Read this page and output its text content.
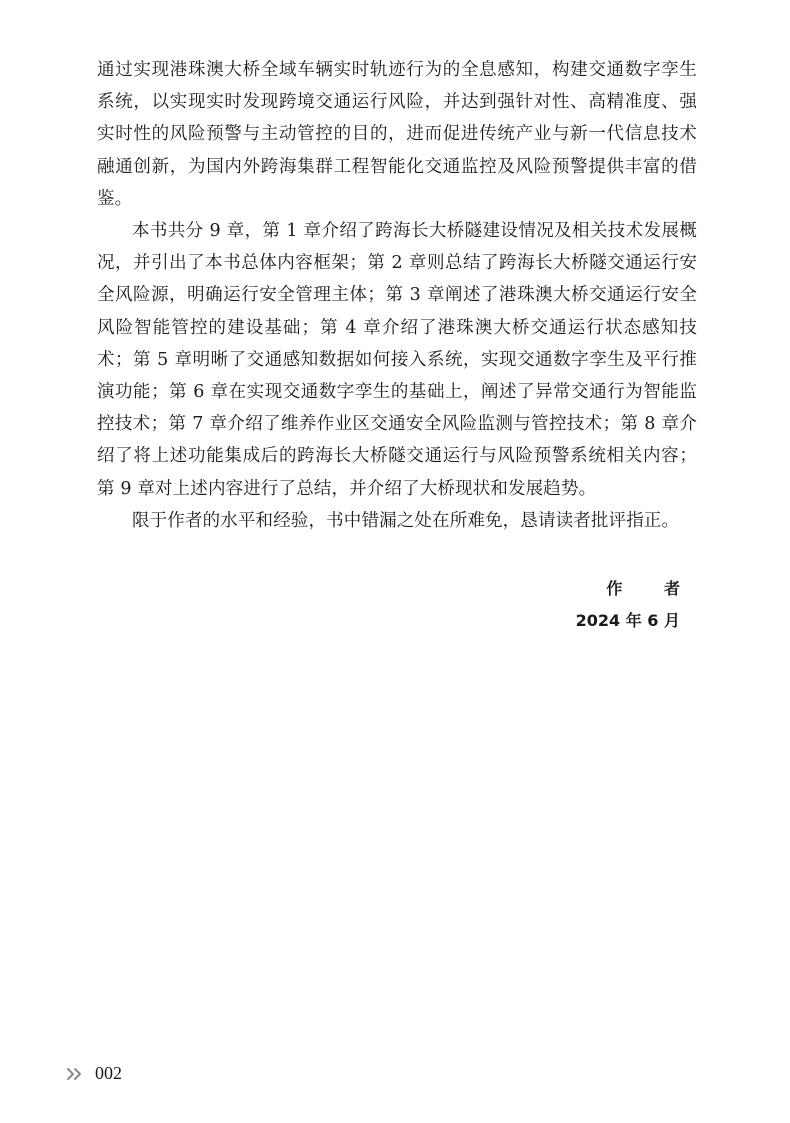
通过实现港珠澳大桥全域车辆实时轨迹行为的全息感知，构建交通数字孪生系统，以实现实时发现跨境交通运行风险，并达到强针对性、高精准度、强实时性的风险预警与主动管控的目的，进而促进传统产业与新一代信息技术融通创新，为国内外跨海集群工程智能化交通监控及风险预警提供丰富的借鉴。

本书共分 9 章，第 1 章介绍了跨海长大桥隧建设情况及相关技术发展概况，并引出了本书总体内容框架；第 2 章则总结了跨海长大桥隧交通运行安全风险源，明确运行安全管理主体；第 3 章阐述了港珠澳大桥交通运行安全风险智能管控的建设基础；第 4 章介绍了港珠澳大桥交通运行状态感知技术；第 5 章明晰了交通感知数据如何接入系统，实现交通数字孪生及平行推演功能；第 6 章在实现交通数字孪生的基础上，阐述了异常交通行为智能监控技术；第 7 章介绍了维养作业区交通安全风险监测与管控技术；第 8 章介绍了将上述功能集成后的跨海长大桥隧交通运行与风险预警系统相关内容；第 9 章对上述内容进行了总结，并介绍了大桥现状和发展趋势。

限于作者的水平和经验，书中错漏之处在所难免，恳请读者批评指正。

作 者
2024 年 6 月
002
